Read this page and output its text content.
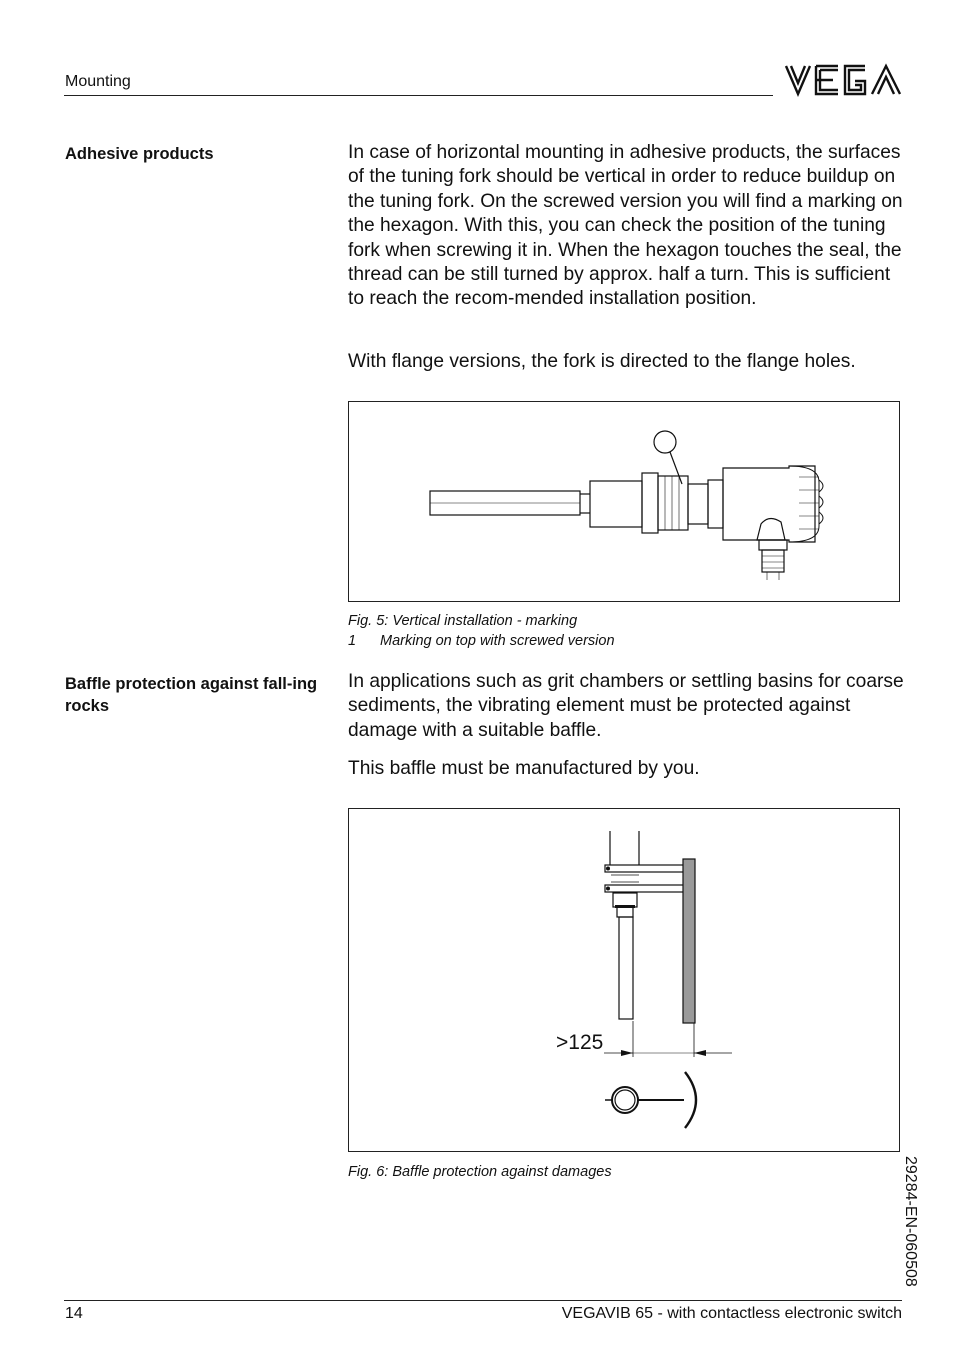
Mounting
Adhesive products	In case of horizontal mounting in adhesive products, the surfaces of the tuning fork should be vertical in order to reduce buildup on the tuning fork. On the screwed version you will find a marking on the hexagon. With this, you can check the position of the tuning fork when screwing it in. When the hexagon touches the seal, the thread can be still turned by approx. half a turn. This is sufficient to reach the recom-mended installation position.

With flange versions, the fork is directed to the flange holes.

Fig. 5: Vertical installation - marking
1 Marking on top with screwed version
Baffle protection against fall-ing rocks

In applications such as grit chambers or settling basins for coarse sediments, the vibrating element must be protected against damage with a suitable baffle.

This baffle must be manufactured by you.

>125
Fig. 6: Baffle protection against damages	29284-EN-060508
14	VEGAVIB 65 - with contactless electronic switch
